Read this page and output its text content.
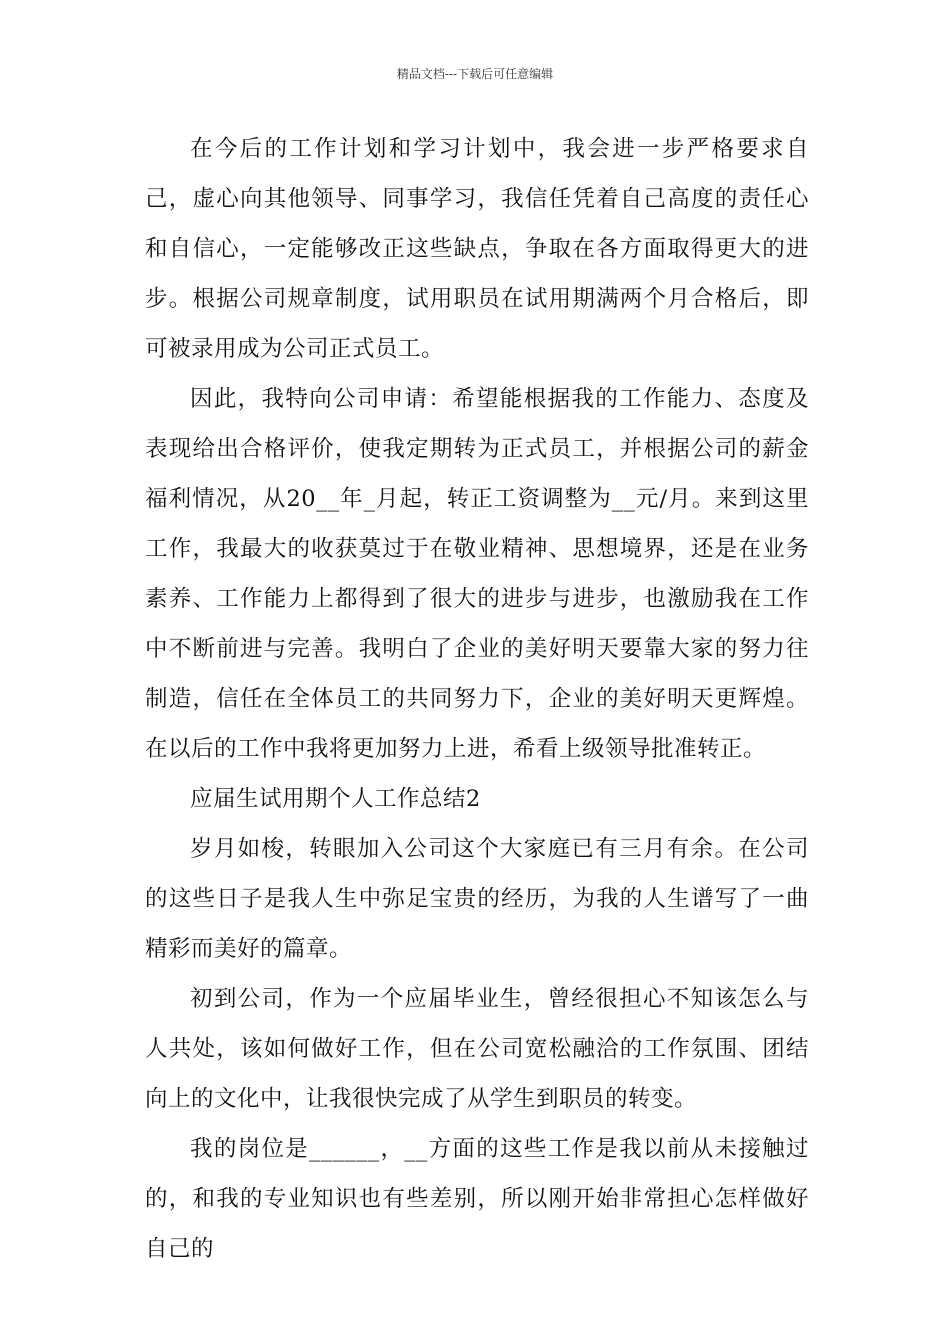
精品文档---下载后可任意编辑

在今后的工作计划和学习计划中，我会进一步严格要求自己，虚心向其他领导、同事学习，我信任凭着自己高度的责任心和自信心，一定能够改正这些缺点，争取在各方面取得更大的进步。根据公司规章制度，试用职员在试用期满两个月合格后，即可被录用成为公司正式员工。

因此，我特向公司申请：希望能根据我的工作能力、态度及表现给出合格评价，使我定期转为正式员工，并根据公司的薪金福利情况，从20__年_月起，转正工资调整为__元/月。来到这里工作，我最大的收获莫过于在敬业精神、思想境界，还是在业务素养、工作能力上都得到了很大的进步与进步，也激励我在工作中不断前进与完善。我明白了企业的美好明天要靠大家的努力往制造，信任在全体员工的共同努力下，企业的美好明天更辉煌。在以后的工作中我将更加努力上进，希看上级领导批准转正。

应届生试用期个人工作总结2

岁月如梭，转眼加入公司这个大家庭已有三月有余。在公司的这些日子是我人生中弥足宝贵的经历，为我的人生谱写了一曲精彩而美好的篇章。

初到公司，作为一个应届毕业生，曾经很担心不知该怎么与人共处，该如何做好工作，但在公司宽松融洽的工作氛围、团结向上的文化中，让我很快完成了从学生到职员的转变。

我的岗位是______，__方面的这些工作是我以前从未接触过的，和我的专业知识也有些差别，所以刚开始非常担心怎样做好自己的
